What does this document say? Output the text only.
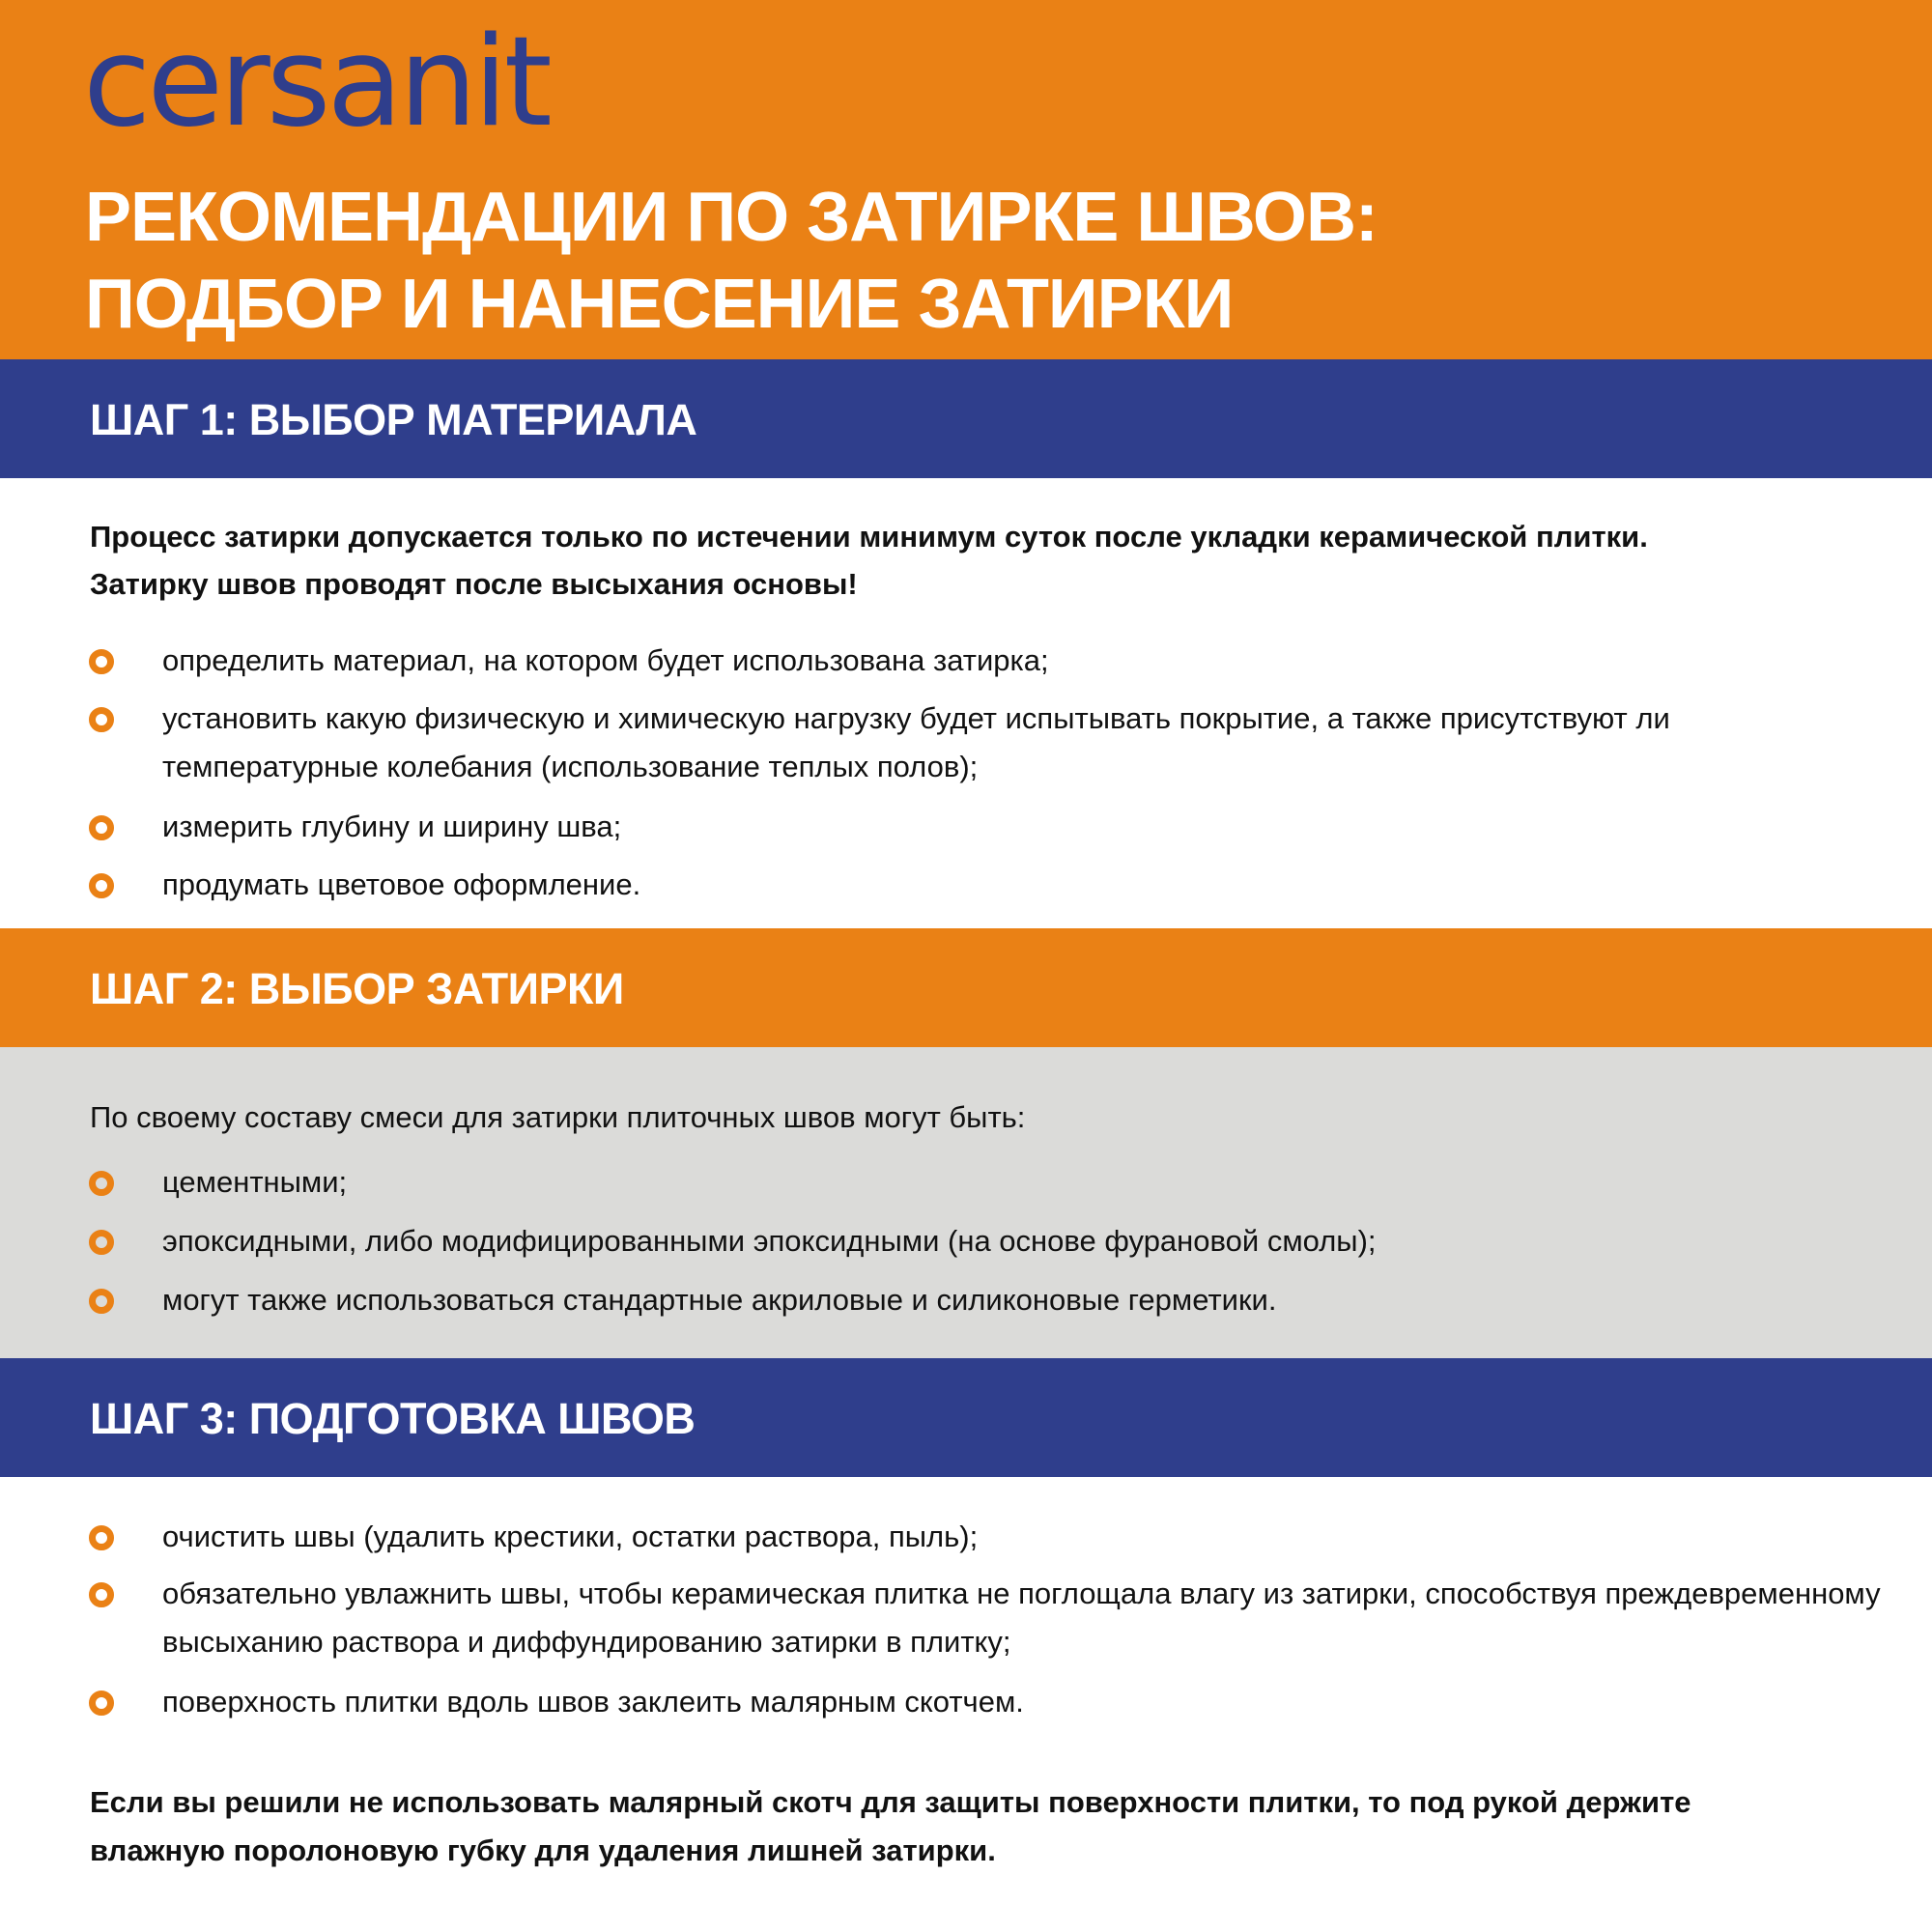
cersanit
РЕКОМЕНДАЦИИ ПО ЗАТИРКЕ ШВОВ:
ПОДБОР И НАНЕСЕНИЕ ЗАТИРКИ
ШАГ 1: ВЫБОР МАТЕРИАЛА

Процесс затирки допускается только по истечении минимум суток после укладки керамической плитки.

Затирку швов проводят после высыхания основы!

определить материал, на котором будет использована затирка;
установить какую физическую и химическую нагрузку будет испытывать покрытие, а также присутствуют ли температурные колебания (использование теплых полов);
измерить глубину и ширину шва;
продумать цветовое оформление.
ШАГ 2: ВЫБОР ЗАТИРКИ

По своему составу смеси для затирки плиточных швов могут быть:

цементными;
эпоксидными, либо модифицированными эпоксидными (на основе фурановой смолы);
могут также использоваться стандартные акриловые и силиконовые герметики.
ШАГ 3: ПОДГОТОВКА ШВОВ
очистить швы (удалить крестики, остатки раствора, пыль);
обязательно увлажнить швы, чтобы керамическая плитка не поглощала влагу из затирки, способствуя преждевременному высыханию раствора и диффундированию затирки в плитку;
поверхность плитки вдоль швов заклеить малярным скотчем.

Если вы решили не использовать малярный скотч для защиты поверхности плитки, то под рукой держите

влажную поролоновую губку для удаления лишней затирки.
